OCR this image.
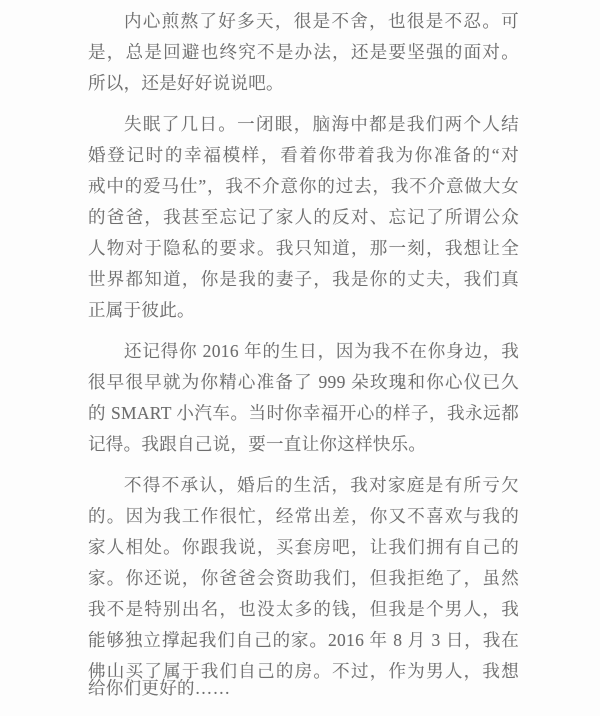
内心煎熬了好多天，很是不舍，也很是不忍。可
是，总是回避也终究不是办法，还是要坚强的面对。
所以，还是好好说说吧。
失眠了几日。一闭眼，脑海中都是我们两个人结
婚登记时的幸福模样，看着你带着我为你准备的“对
戒中的爱马仕”，我不介意你的过去，我不介意做大女
的爸爸，我甚至忘记了家人的反对、忘记了所谓公众
人物对于隐私的要求。我只知道，那一刻，我想让全
世界都知道，你是我的妻子，我是你的丈夫，我们真
正属于彼此。
还记得你 2016 年的生日，因为我不在你身边，我
很早很早就为你精心准备了 999 朵玫瑰和你心仪已久
的 SMART 小汽车。当时你幸福开心的样子，我永远都
记得。我跟自己说，要一直让你这样快乐。
不得不承认，婚后的生活，我对家庭是有所亏欠
的。因为我工作很忙，经常出差，你又不喜欢与我的
家人相处。你跟我说，买套房吧，让我们拥有自己的
家。你还说，你爸爸会资助我们，但我拒绝了，虽然
我不是特别出名，也没太多的钱，但我是个男人，我
能够独立撑起我们自己的家。2016 年 8 月 3 日，我在
佛山买了属于我们自己的房。不过，作为男人，我想
给你们更好的……
